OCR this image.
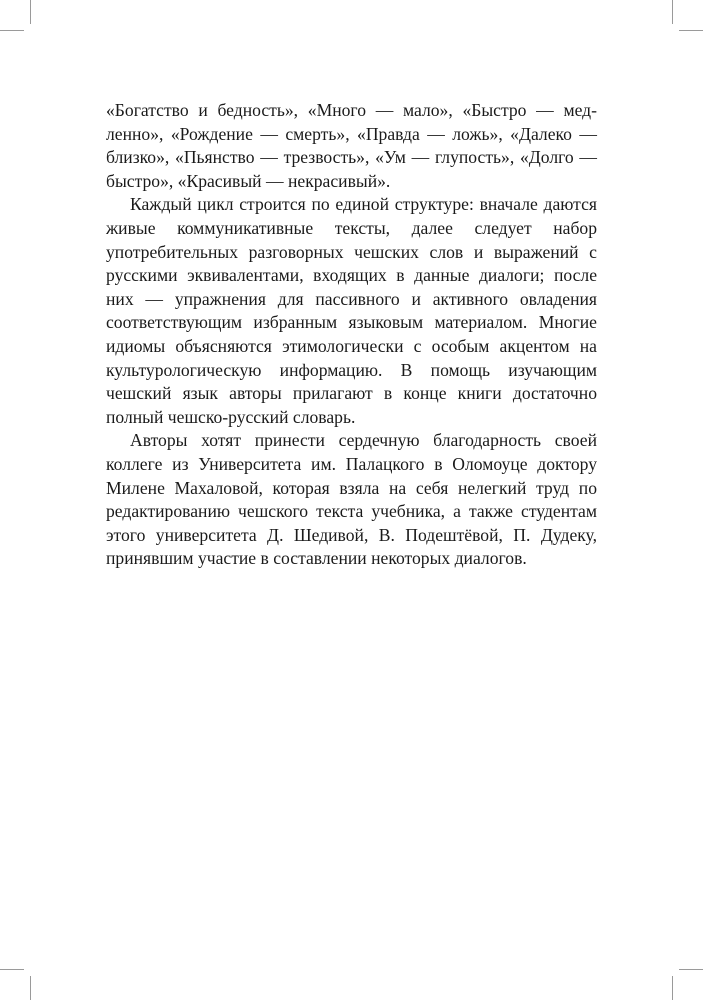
«Богатство и бедность», «Много — мало», «Быстро — медленно», «Рождение — смерть», «Правда — ложь», «Далеко — близко», «Пьянство — трезвость», «Ум — глупость», «Долго — быстро», «Красивый — некрасивый».

Каждый цикл строится по единой структуре: вначале даются живые коммуникативные тексты, далее следует набор употребительных разговорных чешских слов и выражений с русскими эквивалентами, входящих в данные диалоги; после них — упражнения для пассивного и активного овладения соответствующим избранным языковым материалом. Многие идиомы объясняются этимологически с особым акцентом на культурологическую информацию. В помощь изучающим чешский язык авторы прилагают в конце книги достаточно полный чешско-русский словарь.

Авторы хотят принести сердечную благодарность своей коллеге из Университета им. Палацкого в Оломоуце доктору Милене Махаловой, которая взяла на себя нелегкий труд по редактированию чешского текста учебника, а также студентам этого университета Д. Шедивой, В. Подештёвой, П. Дудеку, принявшим участие в составлении некоторых диалогов.
